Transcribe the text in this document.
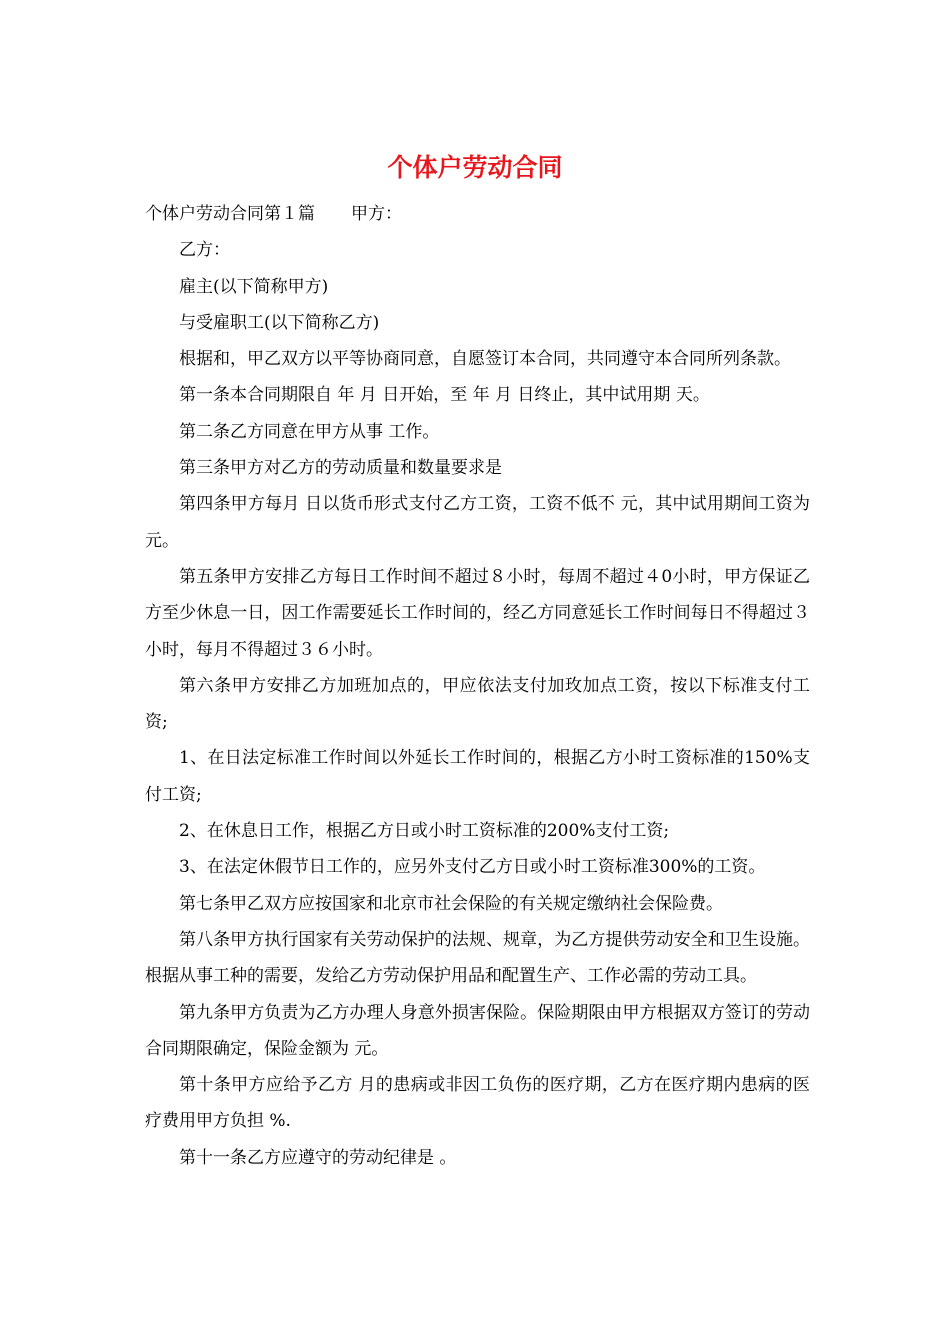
个体户劳动合同

个体户劳动合同第１篇 甲方：

乙方：

雇主(以下简称甲方)

与受雇职工(以下简称乙方)

根据和，甲乙双方以平等协商同意，自愿签订本合同，共同遵守本合同所列条款。

第一条本合同期限自 年 月 日开始，至 年 月 日终止，其中试用期 天。

第二条乙方同意在甲方从事 工作。

第三条甲方对乙方的劳动质量和数量要求是

第四条甲方每月 日以货币形式支付乙方工资，工资不低不 元，其中试用期间工资为 元。

第五条甲方安排乙方每日工作时间不超过８小时，每周不超过４0小时，甲方保证乙方至少休息一日，因工作需要延长工作时间的，经乙方同意延长工作时间每日不得超过３小时，每月不得超过３６小时。

第六条甲方安排乙方加班加点的，甲应依法支付加玫加点工资，按以下标准支付工资;

1、在日法定标准工作时间以外延长工作时间的，根据乙方小时工资标准的150%支付工资;

2、在休息日工作，根据乙方日或小时工资标准的200%支付工资;

3、在法定休假节日工作的，应另外支付乙方日或小时工资标准300%的工资。

第七条甲乙双方应按国家和北京市社会保险的有关规定缴纳社会保险费。

第八条甲方执行国家有关劳动保护的法规、规章，为乙方提供劳动安全和卫生设施。根据从事工种的需要，发给乙方劳动保护用品和配置生产、工作必需的劳动工具。

第九条甲方负责为乙方办理人身意外损害保险。保险期限由甲方根据双方签订的劳动合同期限确定，保险金额为 元。

第十条甲方应给予乙方 月的患病或非因工负伤的医疗期，乙方在医疗期内患病的医疗费用甲方负担 %.

第十一条乙方应遵守的劳动纪律是 。
